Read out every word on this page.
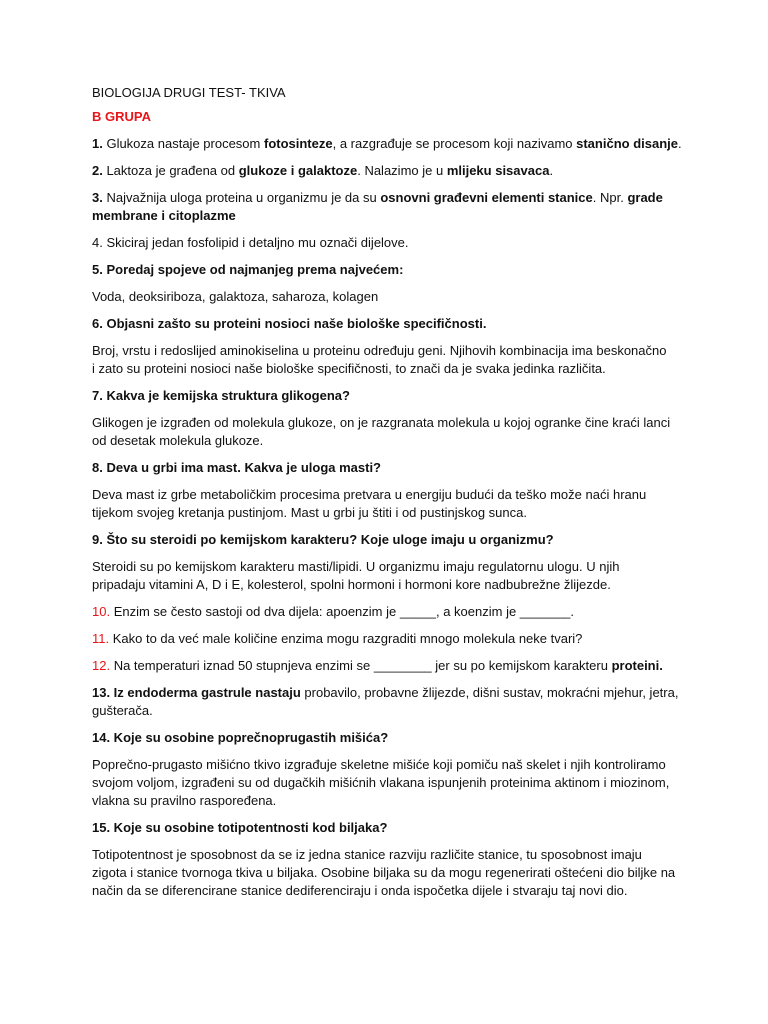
BIOLOGIJA DRUGI TEST- TKIVA
B GRUPA
1. Glukoza nastaje procesom fotosinteze, a razgrađuje se procesom koji nazivamo stanično disanje.
2. Laktoza je građena od glukoze i galaktoze. Nalazimo je u mlijeku sisavaca.
3. Najvažnija uloga proteina u organizmu je da su osnovni građevni elementi stanice. Npr. grade membrane i citoplazme
4. Skiciraj jedan fosfolipid i detaljno mu označi dijelove.
5. Poredaj spojeve od najmanjeg prema najvećem:
Voda, deoksiriboza, galaktoza, saharoza, kolagen
6. Objasni zašto su proteini nosioci naše biološke specifičnosti.
Broj, vrstu i redoslijed aminokiselina u proteinu određuju geni. Njihovih kombinacija ima beskonačno
i zato su proteini nosioci naše biološke specifičnosti, to znači da je svaka jedinka različita.
7. Kakva je kemijska struktura glikogena?
Glikogen je izgrađen od molekula glukoze, on je razgranata molekula u kojoj ogranke čine kraći lanci
od desetak molekula glukoze.
8. Deva u grbi ima mast. Kakva je uloga masti?
Deva mast iz grbe metaboličkim procesima pretvara u energiju budući da teško može naći hranu
tijekom svojeg kretanja pustinjom. Mast u grbi ju štiti i od pustinjskog sunca.
9. Što su steroidi po kemijskom karakteru? Koje uloge imaju u organizmu?
Steroidi su po kemijskom karakteru masti/lipidi. U organizmu imaju regulatornu ulogu. U njih
pripadaju vitamini A, D i E, kolesterol, spolni hormoni i hormoni kore nadbubrežne žlijezde.
10. Enzim se često sastoji od dva dijela: apoenzim je _____, a koenzim je _______.
11. Kako to da već male količine enzima mogu razgraditi mnogo molekula neke tvari?
12. Na temperaturi iznad 50 stupnjeva enzimi se ________ jer su po kemijskom karakteru proteini.
13. Iz endoderma gastrule nastaju probavilo, probavne žlijezde, dišni sustav, mokraćni mjehur, jetra,
gušterača.
14. Koje su osobine poprečnoprugastih mišića?
Poprečno-prugasto mišićno tkivo izgrađuje skeletne mišiće koji pomiču naš skelet i njih kontroliramo
svojom voljom, izgrađeni su od dugačkih mišićnih vlakana ispunjenih proteinima aktinom i miozinom,
vlakna su pravilno raspoređena.
15. Koje su osobine totipotentnosti kod biljaka?
Totipotentnost je sposobnost da se iz jedna stanice razviju različite stanice, tu sposobnost imaju
zigota i stanice tvornoga tkiva u biljaka. Osobine biljaka su da mogu regenerirati oštećeni dio biljke na
način da se diferencirane stanice dediferenciraju i onda ispočetka dijele i stvaraju taj novi dio.
